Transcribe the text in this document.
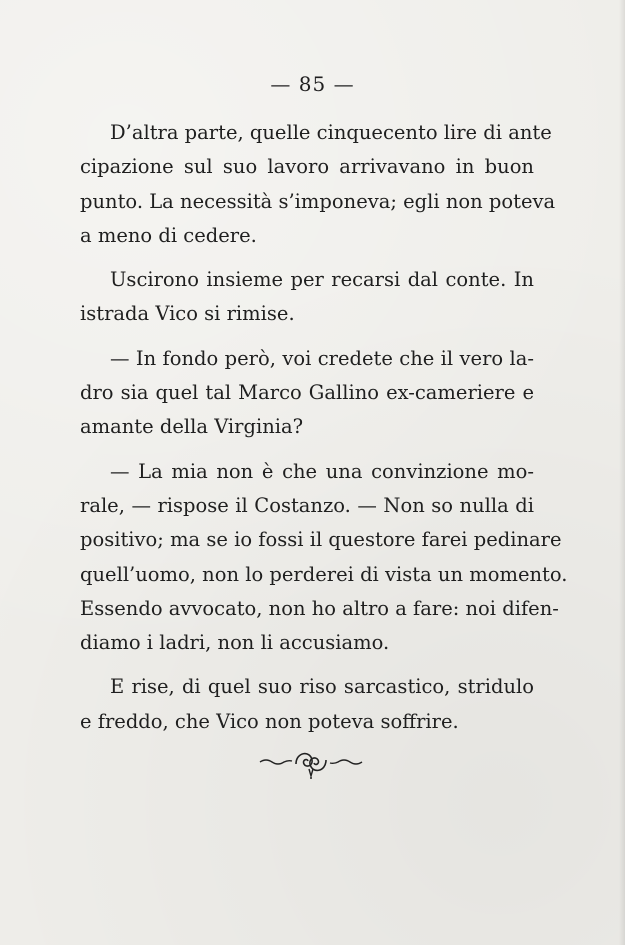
— 85 —
D’altra parte, quelle cinquecento lire di ante
cipazione sul suo lavoro arrivavano in buon
punto. La necessità s’imponeva; egli non poteva
a meno di cedere.
Uscirono insieme per recarsi dal conte. In
istrada Vico si rimise.
— In fondo però, voi credete che il vero la-
dro sia quel tal Marco Gallino ex-cameriere e
amante della Virginia?
— La mia non è che una convinzione mo-
rale, — rispose il Costanzo. — Non so nulla di
positivo; ma se io fossi il questore farei pedinare
quell’uomo, non lo perderei di vista un momento.
Essendo avvocato, non ho altro a fare: noi difen-
diamo i ladri, non li accusiamo.
E rise, di quel suo riso sarcastico, stridulo
e freddo, che Vico non poteva soffrire.
